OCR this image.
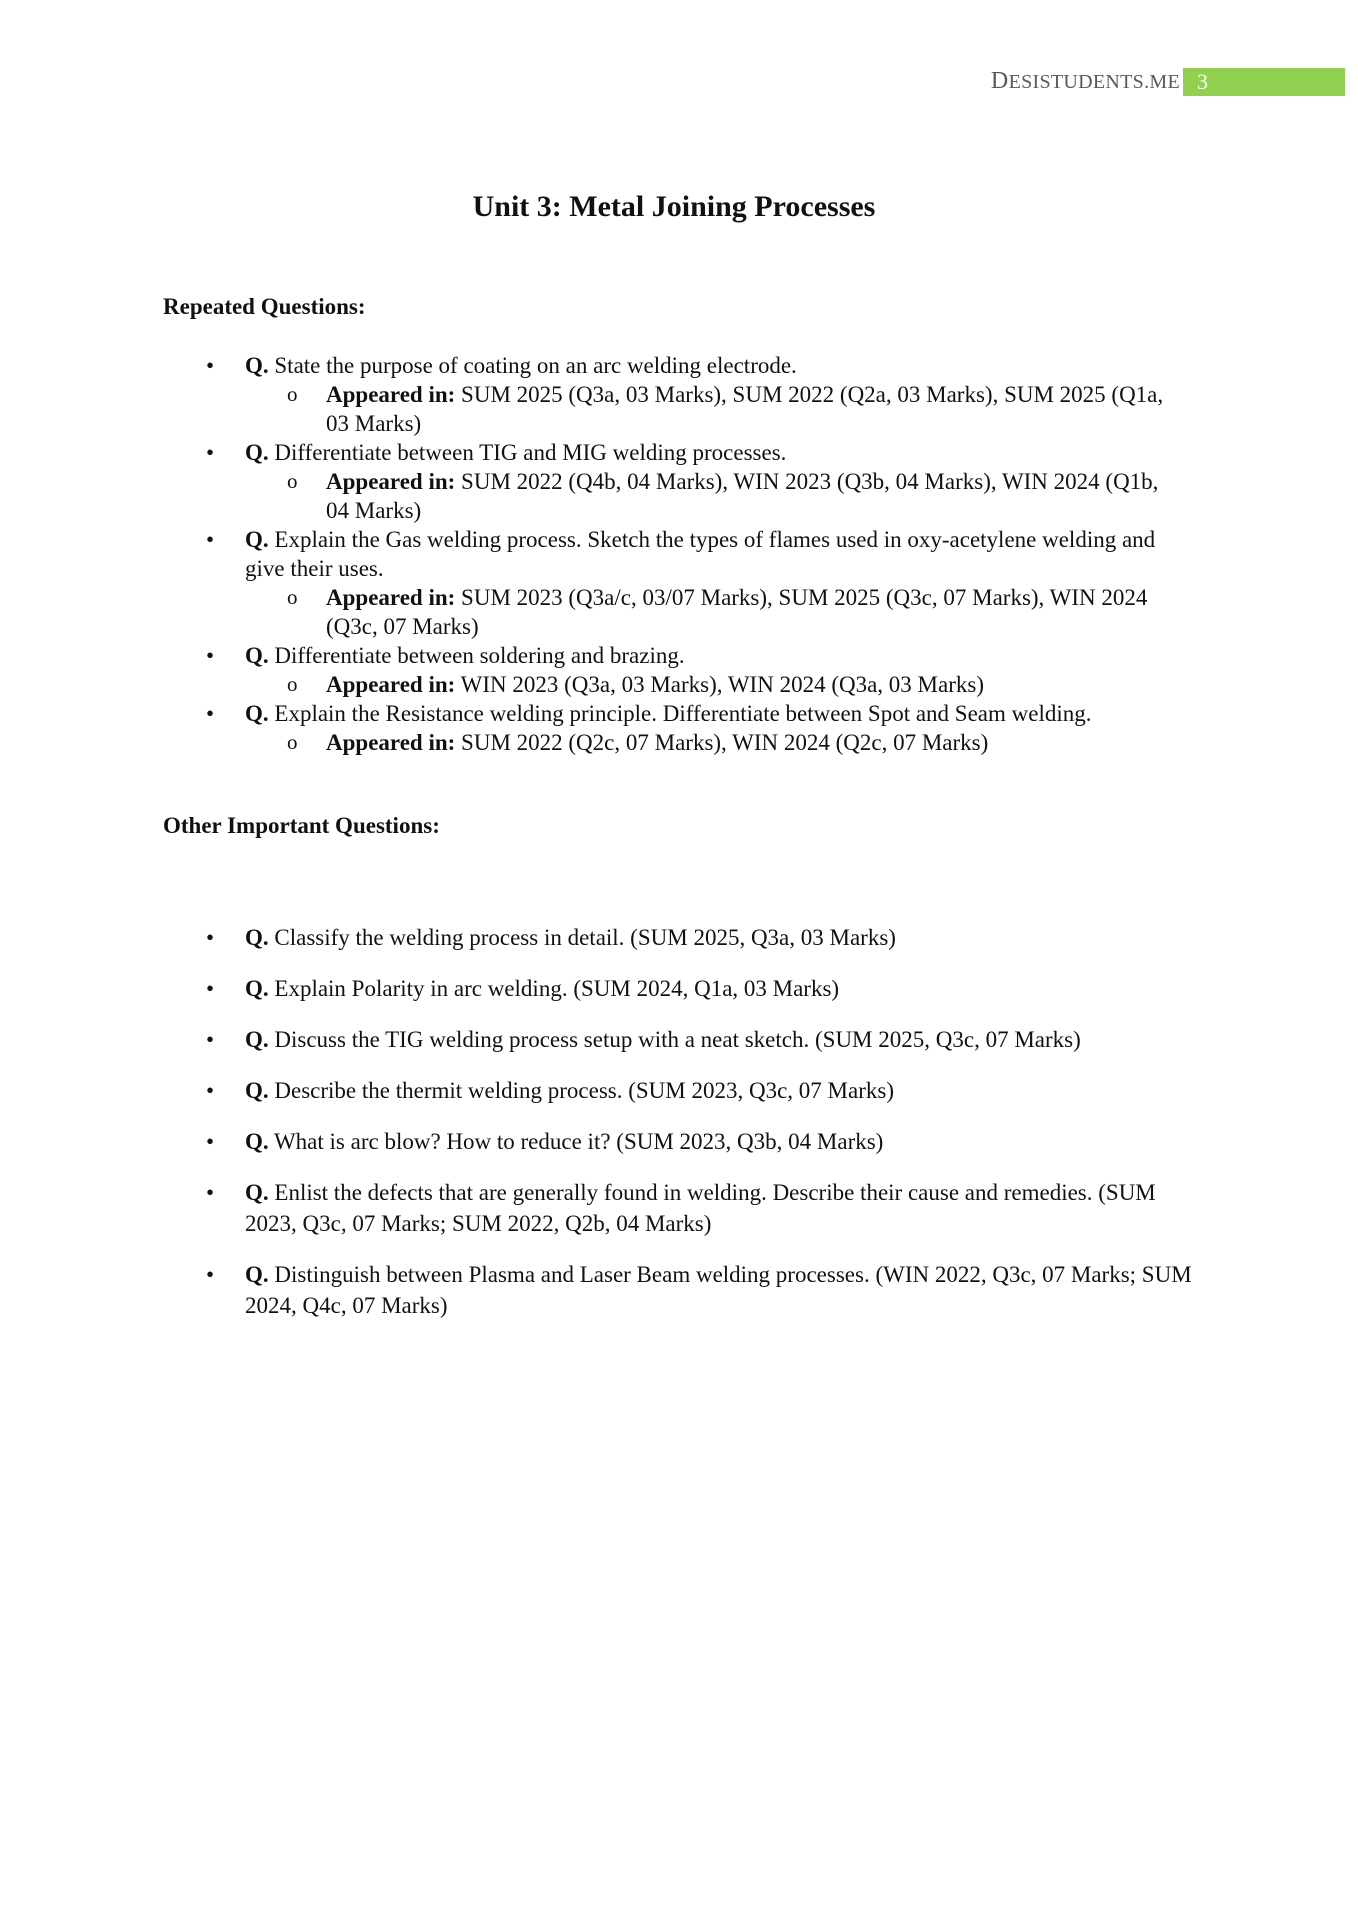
DESISTUDENTS.ME 3
Unit 3: Metal Joining Processes
Repeated Questions:
• Q. State the purpose of coating on an arc welding electrode.
o Appeared in: SUM 2025 (Q3a, 03 Marks), SUM 2022 (Q2a, 03 Marks), SUM 2025 (Q1a, 03 Marks)
• Q. Differentiate between TIG and MIG welding processes.
o Appeared in: SUM 2022 (Q4b, 04 Marks), WIN 2023 (Q3b, 04 Marks), WIN 2024 (Q1b, 04 Marks)
• Q. Explain the Gas welding process. Sketch the types of flames used in oxy-acetylene welding and give their uses.
o Appeared in: SUM 2023 (Q3a/c, 03/07 Marks), SUM 2025 (Q3c, 07 Marks), WIN 2024 (Q3c, 07 Marks)
• Q. Differentiate between soldering and brazing.
o Appeared in: WIN 2023 (Q3a, 03 Marks), WIN 2024 (Q3a, 03 Marks)
• Q. Explain the Resistance welding principle. Differentiate between Spot and Seam welding.
o Appeared in: SUM 2022 (Q2c, 07 Marks), WIN 2024 (Q2c, 07 Marks)
Other Important Questions:
• Q. Classify the welding process in detail. (SUM 2025, Q3a, 03 Marks)
• Q. Explain Polarity in arc welding. (SUM 2024, Q1a, 03 Marks)
• Q. Discuss the TIG welding process setup with a neat sketch. (SUM 2025, Q3c, 07 Marks)
• Q. Describe the thermit welding process. (SUM 2023, Q3c, 07 Marks)
• Q. What is arc blow? How to reduce it? (SUM 2023, Q3b, 04 Marks)
• Q. Enlist the defects that are generally found in welding. Describe their cause and remedies. (SUM 2023, Q3c, 07 Marks; SUM 2022, Q2b, 04 Marks)
• Q. Distinguish between Plasma and Laser Beam welding processes. (WIN 2022, Q3c, 07 Marks; SUM 2024, Q4c, 07 Marks)
